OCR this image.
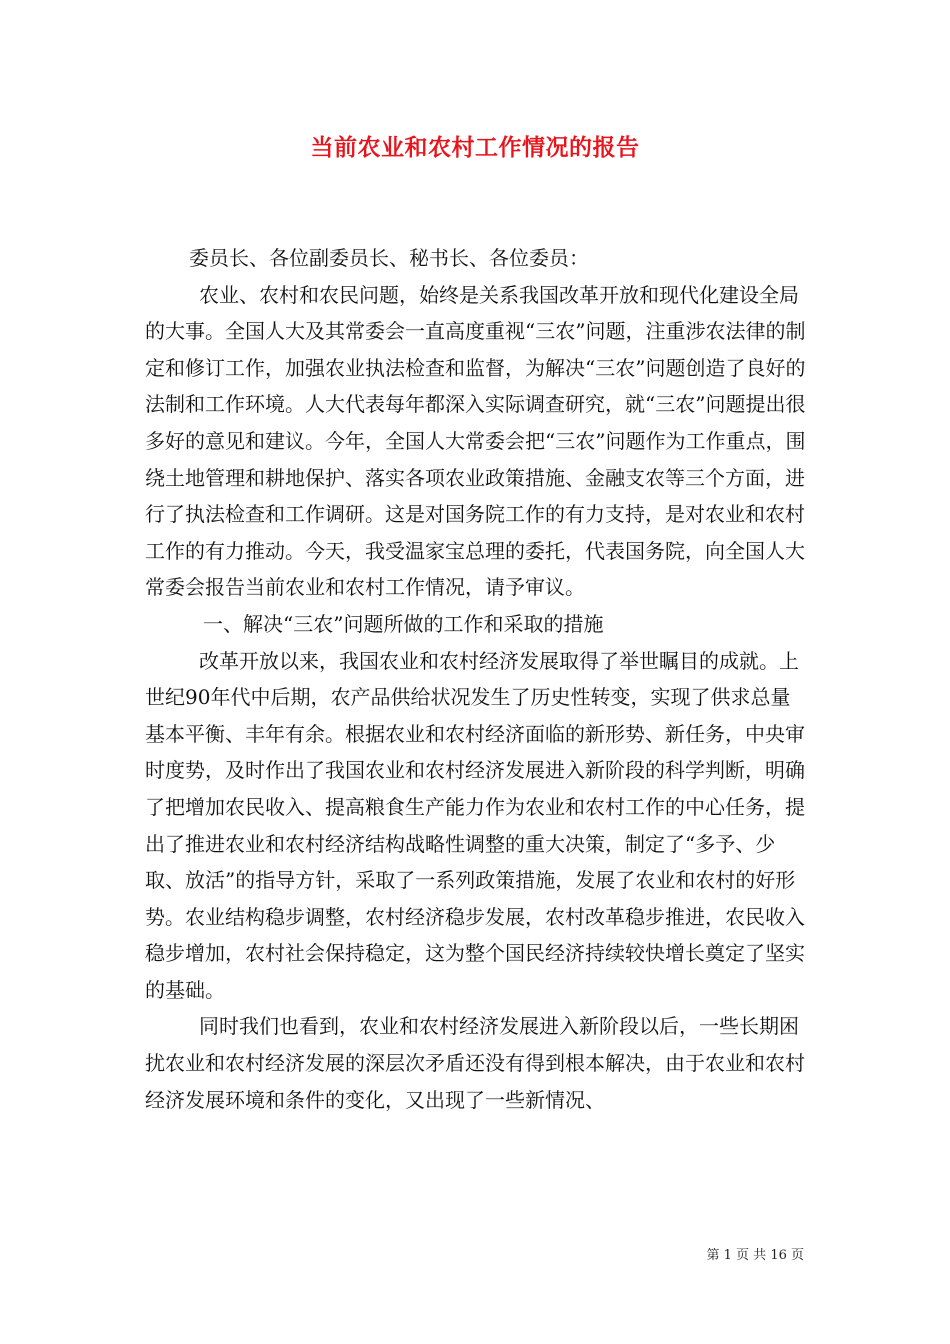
当前农业和农村工作情况的报告

委员长、各位副委员长、秘书长、各位委员：

农业、农村和农民问题，始终是关系我国改革开放和现代化建设全局的大事。全国人大及其常委会一直高度重视“三农”问题，注重涉农法律的制定和修订工作，加强农业执法检查和监督，为解决“三农”问题创造了良好的法制和工作环境。人大代表每年都深入实际调查研究，就“三农”问题提出很多好的意见和建议。今年，全国人大常委会把“三农”问题作为工作重点，围绕土地管理和耕地保护、落实各项农业政策措施、金融支农等三个方面，进行了执法检查和工作调研。这是对国务院工作的有力支持，是对农业和农村工作的有力推动。今天，我受温家宝总理的委托，代表国务院，向全国人大常委会报告当前农业和农村工作情况，请予审议。

一、解决“三农”问题所做的工作和采取的措施

改革开放以来，我国农业和农村经济发展取得了举世瞩目的成就。上世纪90年代中后期，农产品供给状况发生了历史性转变，实现了供求总量基本平衡、丰年有余。根据农业和农村经济面临的新形势、新任务，中央审时度势，及时作出了我国农业和农村经济发展进入新阶段的科学判断，明确了把增加农民收入、提高粮食生产能力作为农业和农村工作的中心任务，提出了推进农业和农村经济结构战略性调整的重大决策，制定了“多予、少取、放活”的指导方针，采取了一系列政策措施，发展了农业和农村的好形势。农业结构稳步调整，农村经济稳步发展，农村改革稳步推进，农民收入稳步增加，农村社会保持稳定，这为整个国民经济持续较快增长奠定了坚实的基础。

同时我们也看到，农业和农村经济发展进入新阶段以后，一些长期困扰农业和农村经济发展的深层次矛盾还没有得到根本解决，由于农业和农村经济发展环境和条件的变化，又出现了一些新情况、

第 1 页 共 16 页
